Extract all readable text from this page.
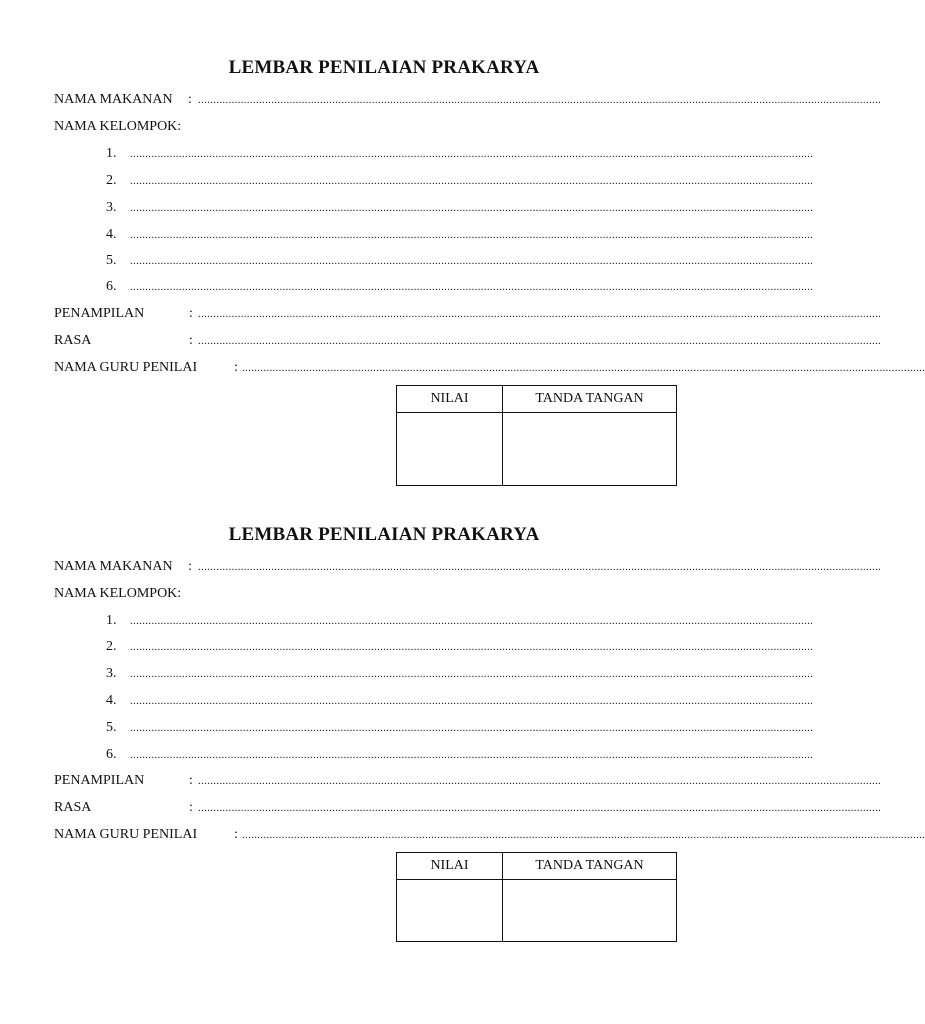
LEMBAR PENILAIAN PRAKARYA
NAMA MAKANAN : ................................................................................................................................................................................................................................
NAMA KELOMPOK:
1. ................................................................................................................................................................................................................................
2. ................................................................................................................................................................................................................................
3. ................................................................................................................................................................................................................................
4. ................................................................................................................................................................................................................................
5. ................................................................................................................................................................................................................................
6. ................................................................................................................................................................................................................................
PENAMPILAN	: ................................................................................................................................................................................................................................
RASA	: ................................................................................................................................................................................................................................
NAMA GURU PENILAI	: ................................................................................................................................................................................................................................
NILAI	TANDA TANGAN

LEMBAR PENILAIAN PRAKARYA
NAMA MAKANAN : ................................................................................................................................................................................................................................
NAMA KELOMPOK:
1. ................................................................................................................................................................................................................................
2. ................................................................................................................................................................................................................................
3. ................................................................................................................................................................................................................................
4. ................................................................................................................................................................................................................................
5. ................................................................................................................................................................................................................................
6. ................................................................................................................................................................................................................................
PENAMPILAN	: ................................................................................................................................................................................................................................
RASA	: ................................................................................................................................................................................................................................
NAMA GURU PENILAI	: ................................................................................................................................................................................................................................
NILAI	TANDA TANGAN
